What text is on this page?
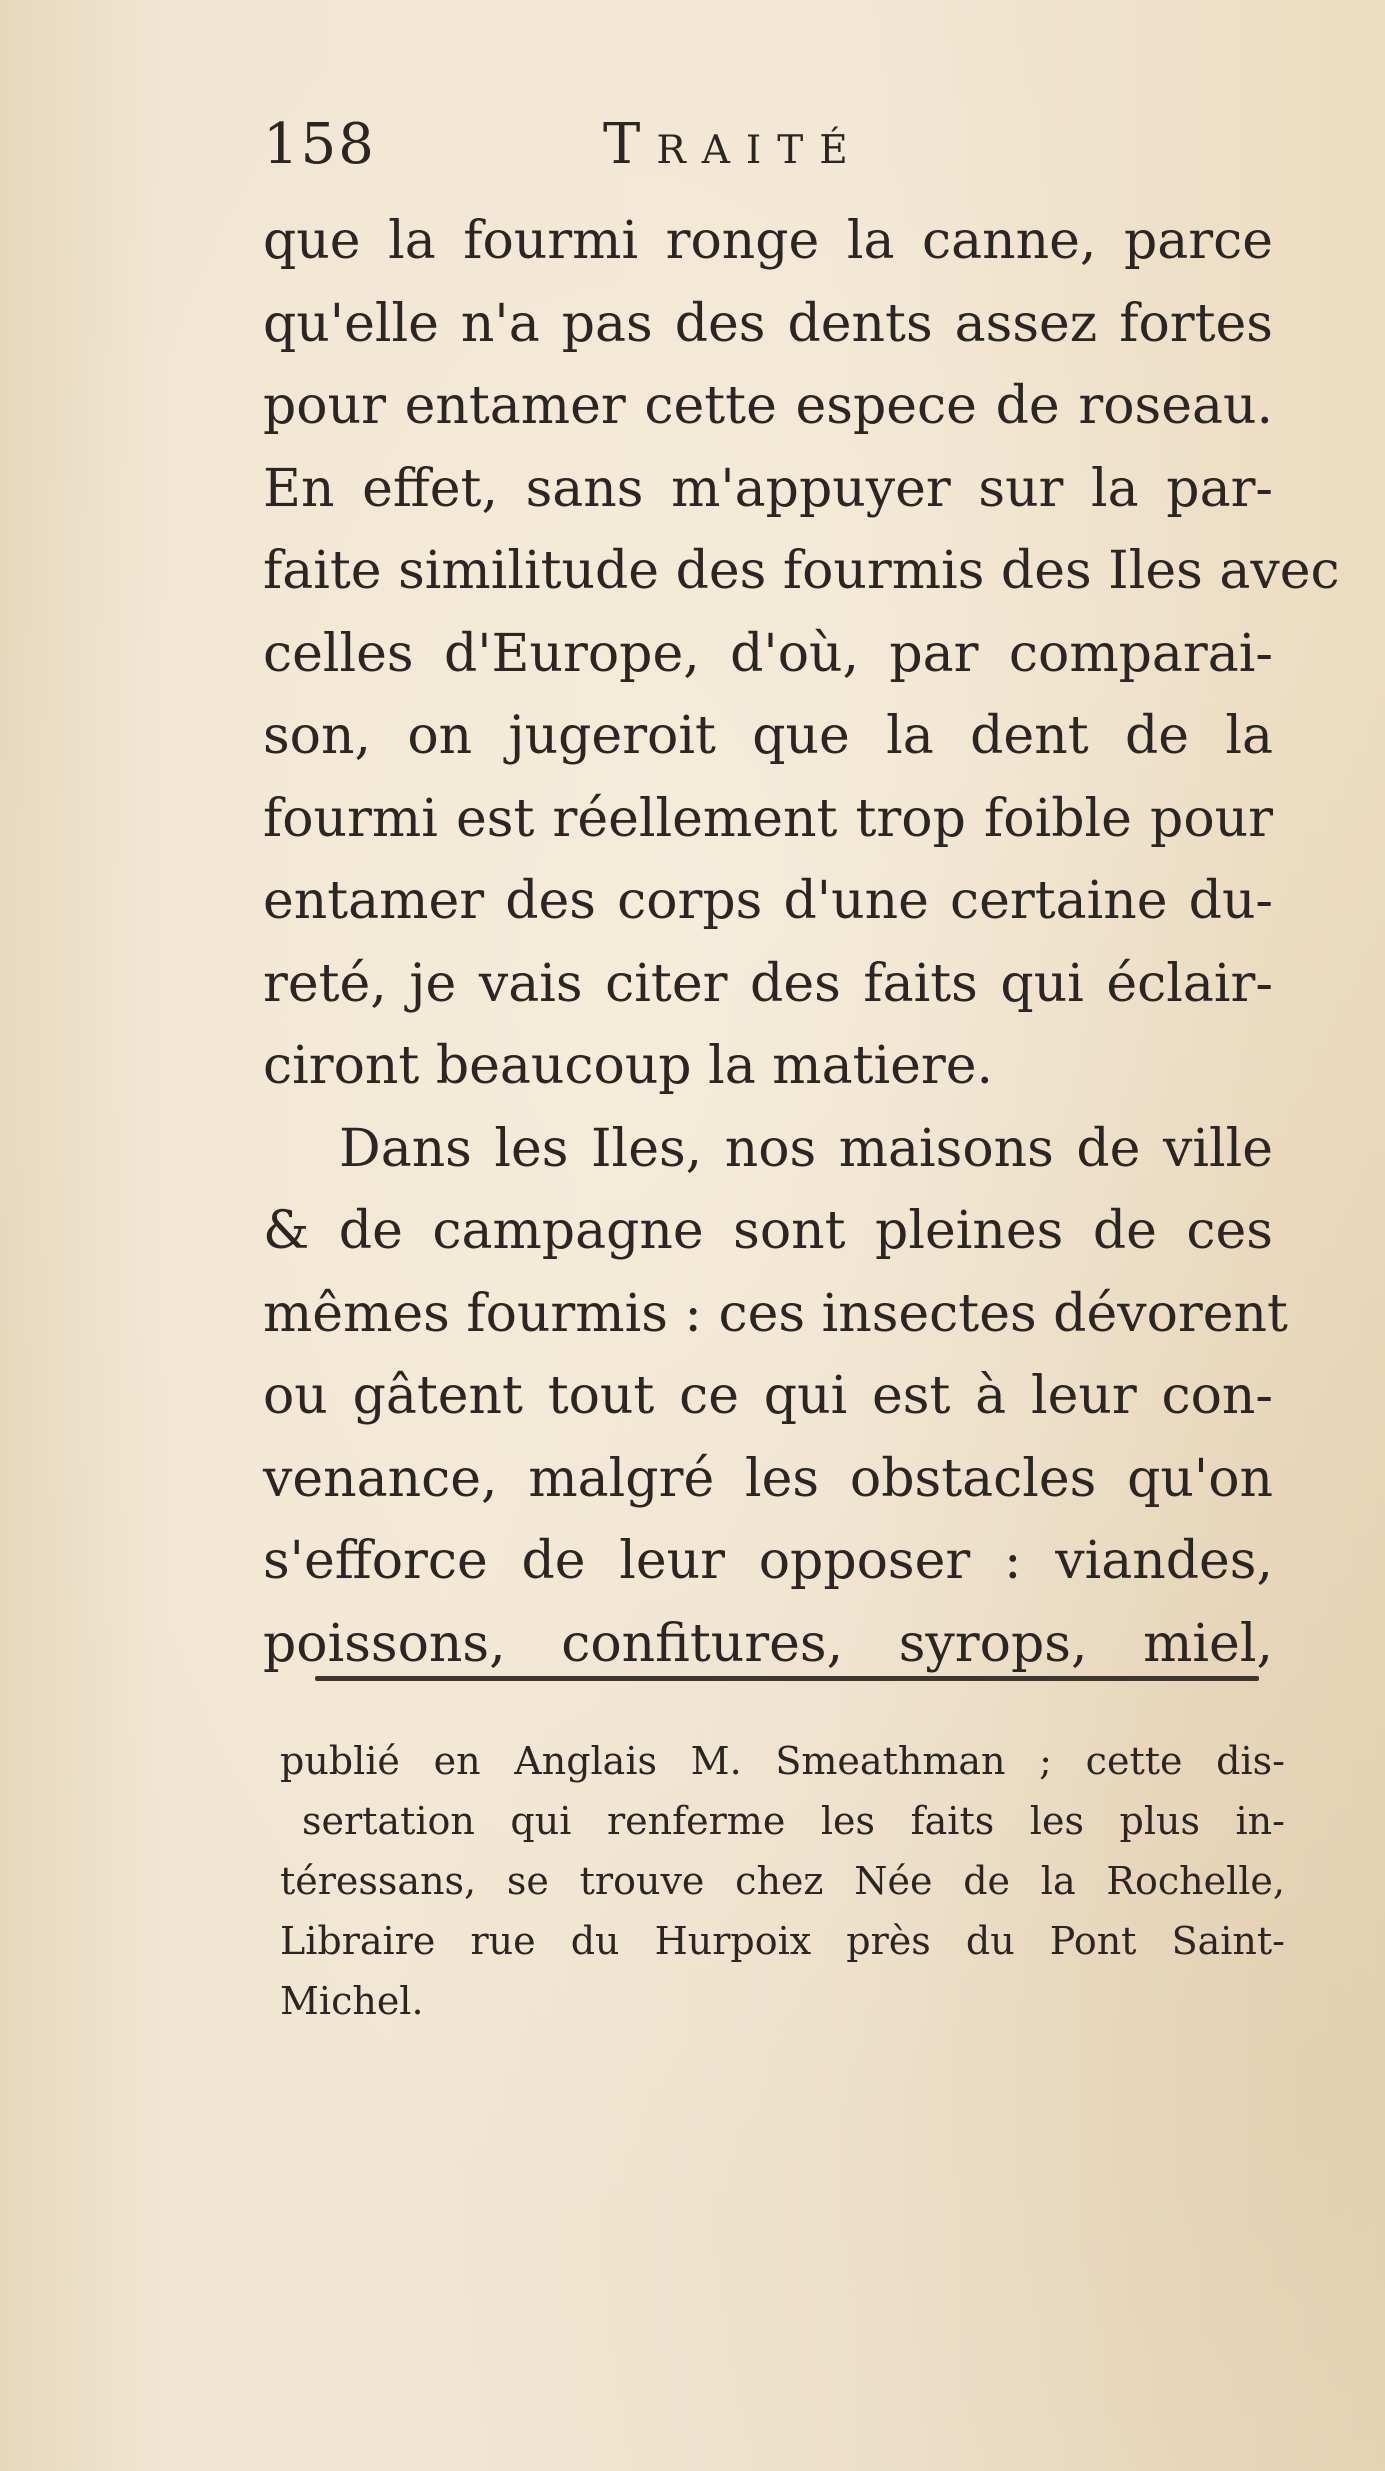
158	Traité
que la fourmi ronge la canne, parce
qu'elle n'a pas des dents assez fortes
pour entamer cette espece de roseau.
En effet, sans m'appuyer sur la par-
faite similitude des fourmis des Iles avec
celles d'Europe, d'où, par comparai-
son, on jugeroit que la dent de la
fourmi est réellement trop foible pour
entamer des corps d'une certaine du-
reté, je vais citer des faits qui éclair-
ciront beaucoup la matiere.
Dans les Iles, nos maisons de ville
& de campagne sont pleines de ces
mêmes fourmis : ces insectes dévorent
ou gâtent tout ce qui est à leur con-
venance, malgré les obstacles qu'on
s'efforce de leur opposer : viandes,
poissons, confitures, syrops, miel,
publié en Anglais M. Smeathman ; cette dis-
sertation qui renferme les faits les plus in-
téressans, se trouve chez Née de la Rochelle,
Libraire rue du Hurpoix près du Pont Saint-
Michel.
